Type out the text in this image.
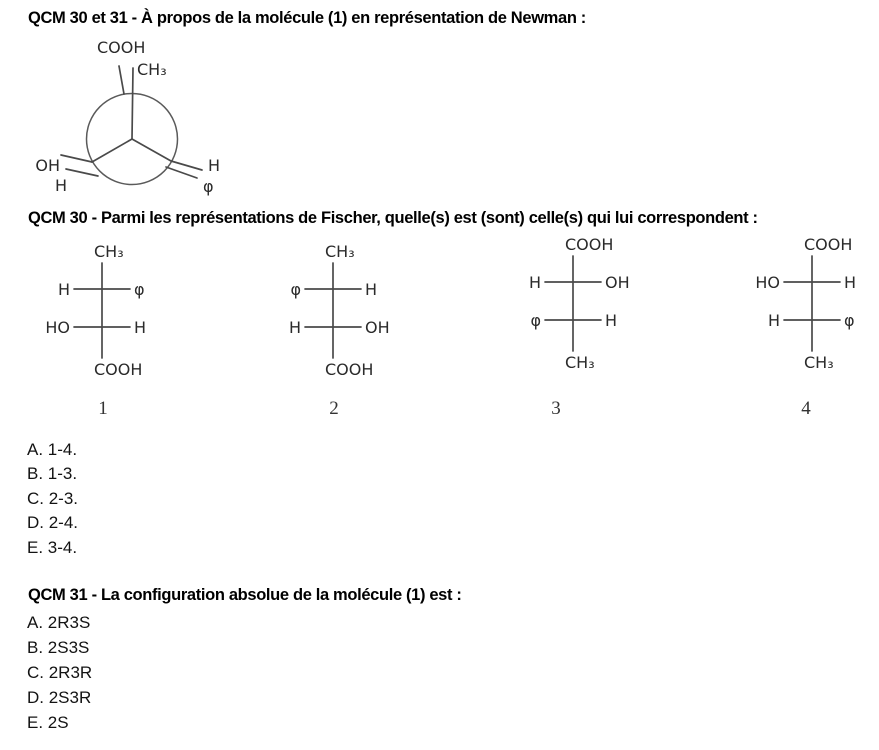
QCM 30 et 31 - À propos de la molécule (1) en représentation de Newman :
COOH
CH₃
OH
H
H
φ
QCM 30 - Parmi les représentations de Fischer, quelle(s) est (sont) celle(s) qui lui correspondent :
CH₃
H	φ
HO	H
COOH
CH₃
φ	H
H	OH
COOH
COOH
H	OH
φ	H
CH₃
COOH
HO	H
H	φ
CH₃
1	2	3	4
A. 1-4.
B. 1-3.
C. 2-3.
D. 2-4.
E. 3-4.
QCM 31 - La configuration absolue de la molécule (1) est :
A. 2R3S
B. 2S3S
C. 2R3R
D. 2S3R
E. 2S
